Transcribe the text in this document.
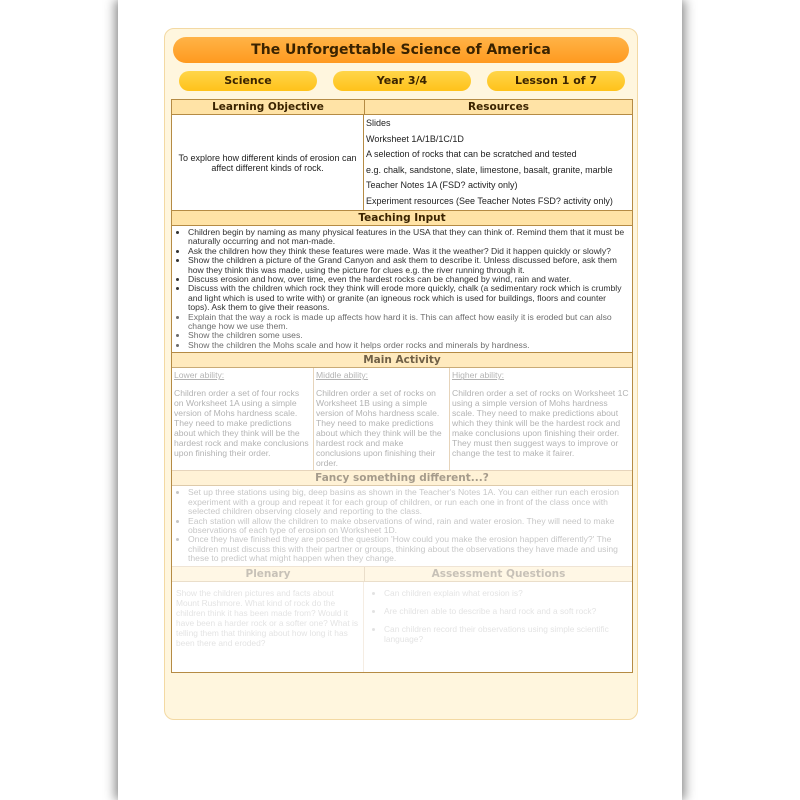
The Unforgettable Science of America
Science	Year 3/4	Lesson 1 of 7
Learning Objective	Resources
To explore how different kinds of erosion can affect different kinds of rock.
Slides
Worksheet 1A/1B/1C/1D
A selection of rocks that can be scratched and tested
e.g. chalk, sandstone, slate, limestone, basalt, granite, marble
Teacher Notes 1A (FSD? activity only)
Experiment resources (See Teacher Notes FSD? activity only)
Teaching Input
• Children begin by naming as many physical features in the USA that they can think of. Remind them that it must be naturally occurring and not man-made.
• Ask the children how they think these features were made. Was it the weather? Did it happen quickly or slowly?
• Show the children a picture of the Grand Canyon and ask them to describe it. Unless discussed before, ask them how they think this was made, using the picture for clues e.g. the river running through it.
• Discuss erosion and how, over time, even the hardest rocks can be changed by wind, rain and water.
• Discuss with the children which rock they think will erode more quickly, chalk (a sedimentary rock which is crumbly and light which is used to write with) or granite (an igneous rock which is used for buildings, floors and counter tops). Ask them to give their reasons.
• Explain that the way a rock is made up affects how hard it is. This can affect how easily it is eroded but can also change how we use them.
• Show the children some uses.
• Show the children the Mohs scale and how it helps order rocks and minerals by hardness.
Main Activity
Lower ability:
Children order a set of four rocks on Worksheet 1A using a simple version of Mohs hardness scale. They need to make predictions about which they think will be the hardest rock and make conclusions upon finishing their order.
Middle ability:
Children order a set of rocks on Worksheet 1B using a simple version of Mohs hardness scale. They need to make predictions about which they think will be the hardest rock and make conclusions upon finishing their order.
Higher ability:
Children order a set of rocks on Worksheet 1C using a simple version of Mohs hardness scale. They need to make predictions about which they think will be the hardest rock and make conclusions upon finishing their order. They must then suggest ways to improve or change the test to make it fairer.
Fancy something different...?
• Set up three stations using big, deep basins as shown in the Teacher's Notes 1A. You can either run each erosion experiment with a group and repeat it for each group of children, or run each one in front of the class once with selected children observing closely and reporting to the class.
• Each station will allow the children to make observations of wind, rain and water erosion. They will need to make observations of each type of erosion on Worksheet 1D.
• Once they have finished they are posed the question 'How could you make the erosion happen differently?' The children must discuss this with their partner or groups, thinking about the observations they have made and using these to predict what might happen when they change.
Plenary	Assessment Questions
Show the children pictures and facts about Mount Rushmore. What kind of rock do the children think it has been made from? Would it have been a harder rock or a softer one? What is telling them that thinking about how long it has been there and eroded?
• Can children explain what erosion is?
• Are children able to describe a hard rock and a soft rock?
• Can children record their observations using simple scientific language?
